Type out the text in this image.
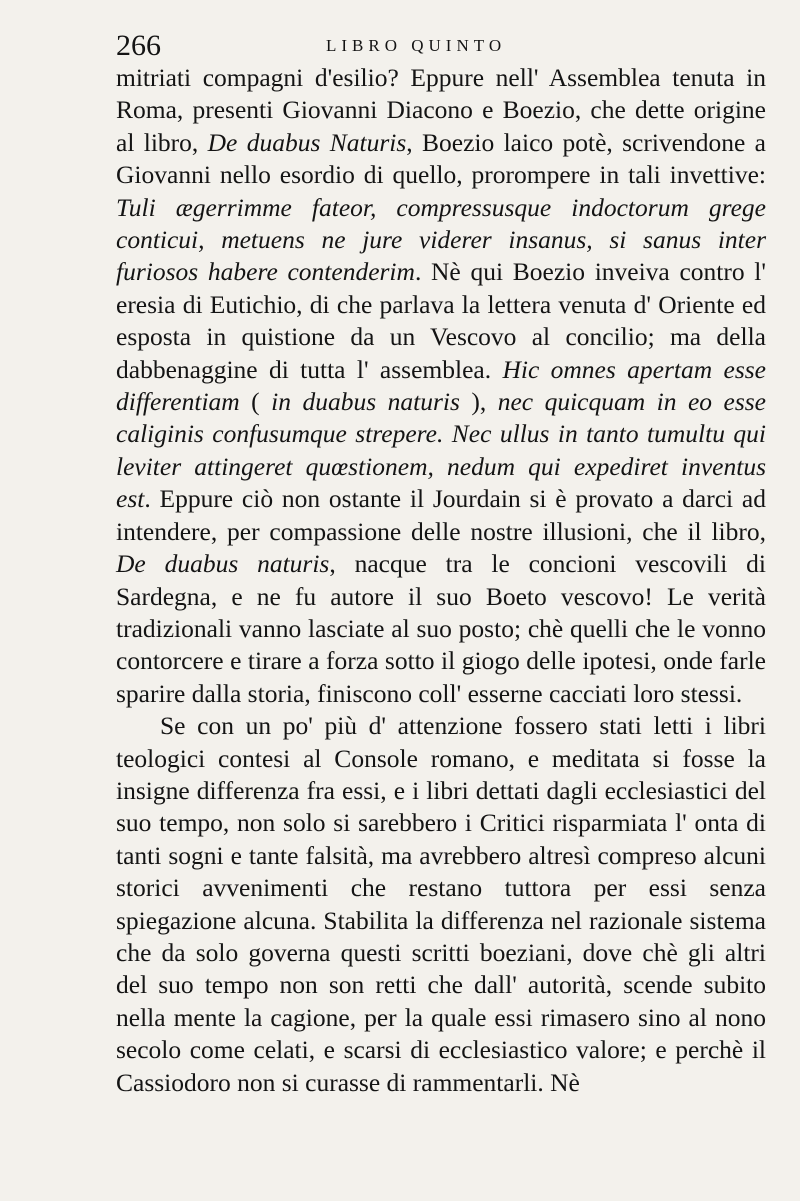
266	LIBRO QUINTO

mitriati compagni d'esilio? Eppure nell' Assemblea tenuta in Roma, presenti Giovanni Diacono e Boezio, che dette origine al libro, De duabus Naturis, Boezio laico potè, scrivendone a Giovanni nello esordio di quello, prorompere in tali invettive: Tuli ægerrimme fateor, compressusque indoctorum grege conticui, metuens ne jure viderer insanus, si sanus inter furiosos habere contenderim. Nè qui Boezio inveiva contro l' eresia di Eutichio, di che parlava la lettera venuta d' Oriente ed esposta in quistione da un Vescovo al concilio; ma della dabbenaggine di tutta l' assemblea. Hic omnes apertam esse differentiam ( in duabus naturis ), nec quicquam in eo esse caliginis confusumque strepere. Nec ullus in tanto tumultu qui leviter attingeret quœstionem, nedum qui expediret inventus est. Eppure ciò non ostante il Jourdain si è provato a darci ad intendere, per compassione delle nostre illusioni, che il libro, De duabus naturis, nacque tra le concioni vescovili di Sardegna, e ne fu autore il suo Boeto vescovo! Le verità tradizionali vanno lasciate al suo posto; chè quelli che le vonno contorcere e tirare a forza sotto il giogo delle ipotesi, onde farle sparire dalla storia, finiscono coll' esserne cacciati loro stessi.

Se con un po' più d' attenzione fossero stati letti i libri teologici contesi al Console romano, e meditata si fosse la insigne differenza fra essi, e i libri dettati dagli ecclesiastici del suo tempo, non solo si sarebbero i Critici risparmiata l' onta di tanti sogni e tante falsità, ma avrebbero altresì compreso alcuni storici avvenimenti che restano tuttora per essi senza spiegazione alcuna. Stabilita la differenza nel razionale sistema che da solo governa questi scritti boeziani, dove chè gli altri del suo tempo non son retti che dall' autorità, scende subito nella mente la cagione, per la quale essi rimasero sino al nono secolo come celati, e scarsi di ecclesiastico valore; e perchè il Cassiodoro non si curasse di rammentarli. Nè
